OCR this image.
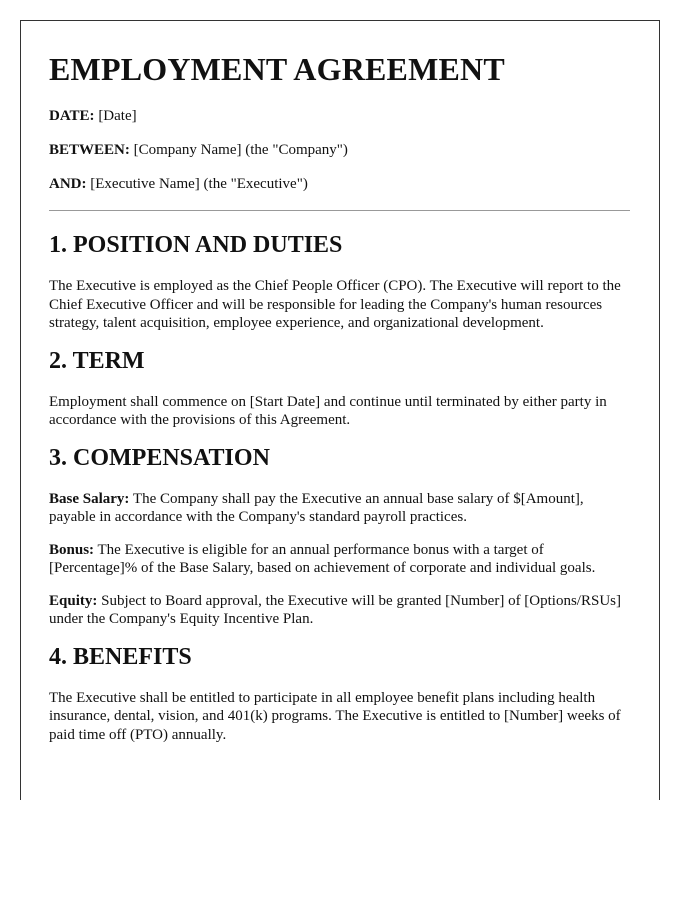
EMPLOYMENT AGREEMENT
DATE: [Date]
BETWEEN: [Company Name] (the "Company")
AND: [Executive Name] (the "Executive")
1. POSITION AND DUTIES

The Executive is employed as the Chief People Officer (CPO). The Executive will report to the Chief Executive Officer and will be responsible for leading the Company's human resources strategy, talent acquisition, employee experience, and organizational development.

2. TERM

Employment shall commence on [Start Date] and continue until terminated by either party in accordance with the provisions of this Agreement.

3. COMPENSATION

Base Salary: The Company shall pay the Executive an annual base salary of $[Amount], payable in accordance with the Company's standard payroll practices.

Bonus: The Executive is eligible for an annual performance bonus with a target of [Percentage]% of the Base Salary, based on achievement of corporate and individual goals.

Equity: Subject to Board approval, the Executive will be granted [Number] of [Options/RSUs] under the Company's Equity Incentive Plan.

4. BENEFITS

The Executive shall be entitled to participate in all employee benefit plans including health insurance, dental, vision, and 401(k) programs. The Executive is entitled to [Number] weeks of paid time off (PTO) annually.
